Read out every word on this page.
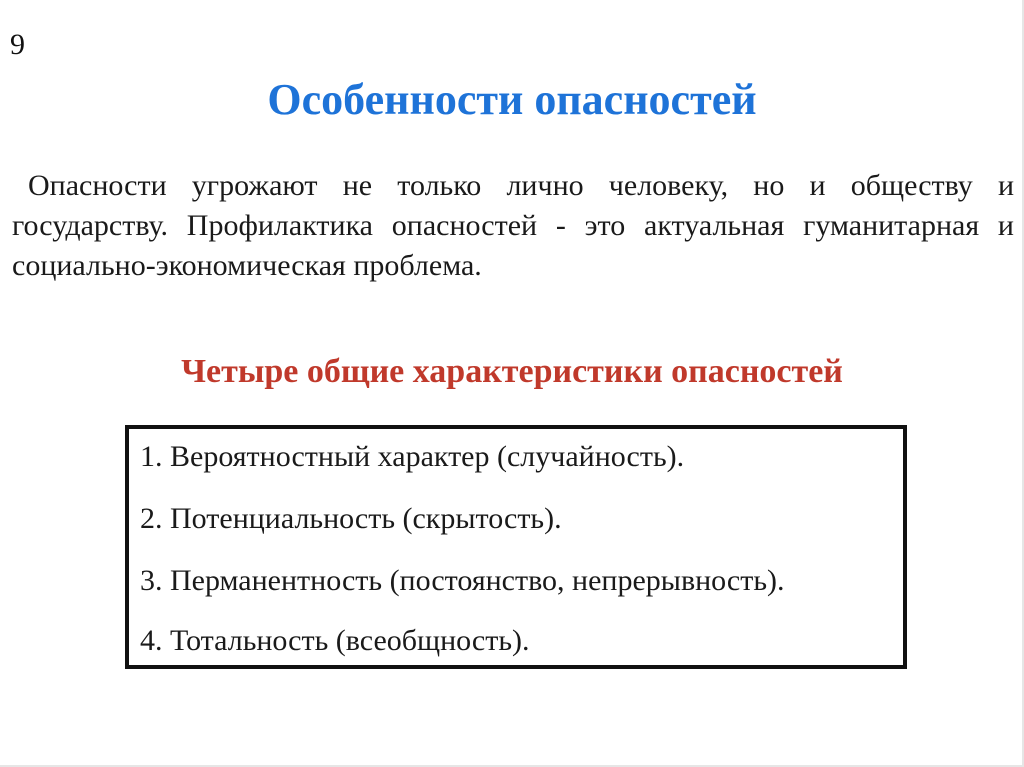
9
Особенности опасностей
Опасности угрожают не только лично человеку, но и обществу и государству. Профилактика опасностей - это актуальная гуманитарная и социально-экономическая проблема.
Четыре общие характеристики опасностей
1. Вероятностный характер (случайность).
2. Потенциальность (скрытость).
3. Перманентность (постоянство, непрерывность).
4. Тотальность (всеобщность).
